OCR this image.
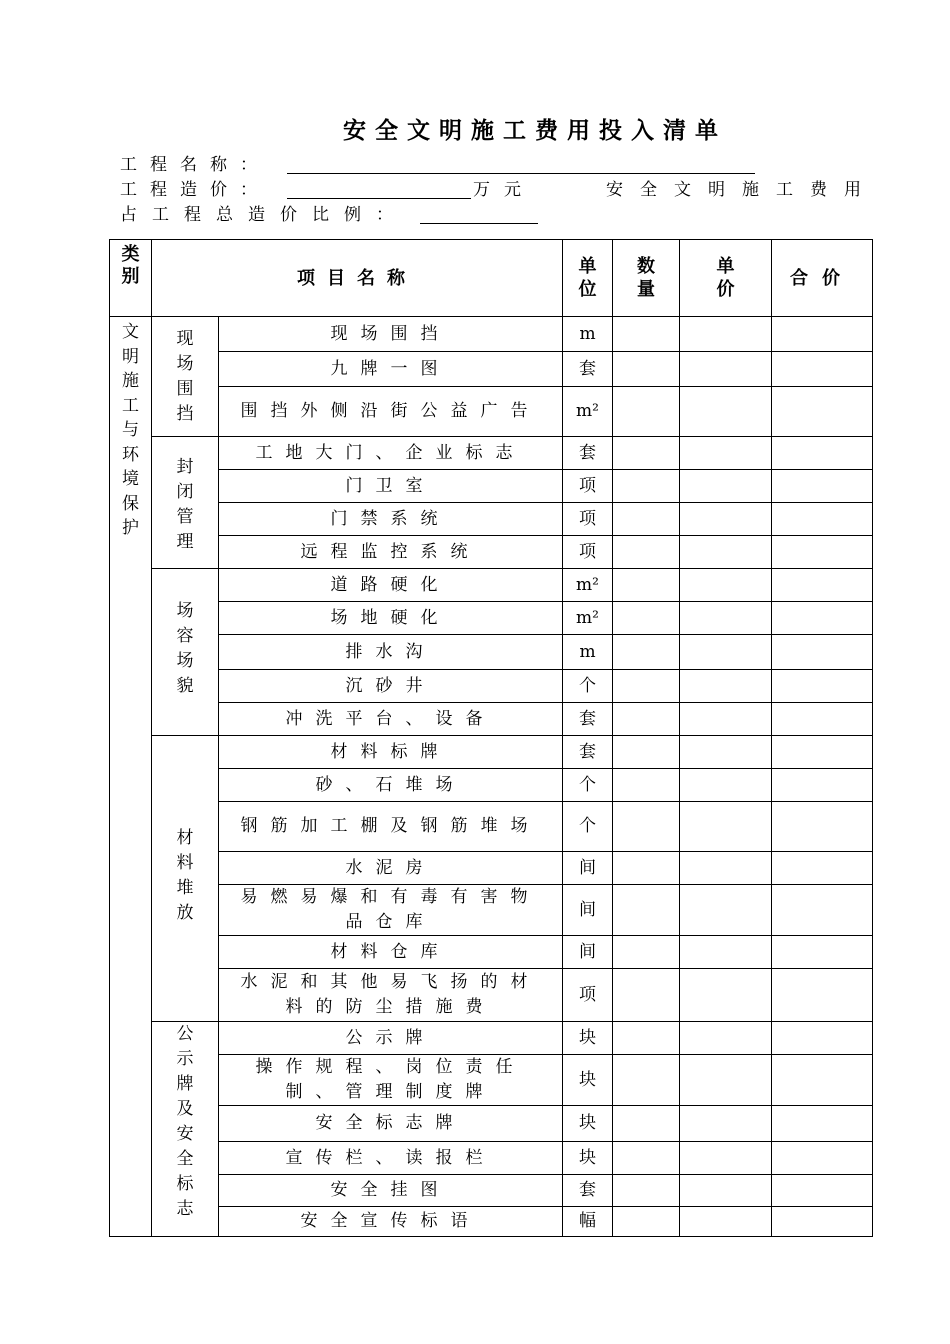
安全文明施工费用投入清单
工程名称：
工程造价：	万元	安全文明施工费用
占工程总造价比例：
类别	项目名称		单位	数量	单价	合价

文明施工与环境保护	现场围挡	现场围挡	m			

		九牌一图	套			

		围挡外侧沿街公益广告	m²			

	封闭管理	工地大门、企业标志	套			

		门卫室	项			

		门禁系统	项			

		远程监控系统	项			

	场容场貌	道路硬化	m²			

		场地硬化	m²			

		排水沟	m			

		沉砂井	个			

		冲洗平台、设备	套			

	材料堆放	材料标牌	套			

		砂、石堆场	个			

		钢筋加工棚及钢筋堆场	个			

		水泥房	间			

		易燃易爆和有毒有害物品仓库	间			

		材料仓库	间			

		水泥和其他易飞扬的材料的防尘措施费	项			

	公示牌及安全标志	公示牌	块			

		操作规程、岗位责任制、管理制度牌	块			

		安全标志牌	块			

		宣传栏、读报栏	块			

		安全挂图	套			

		安全宣传标语	幅			
